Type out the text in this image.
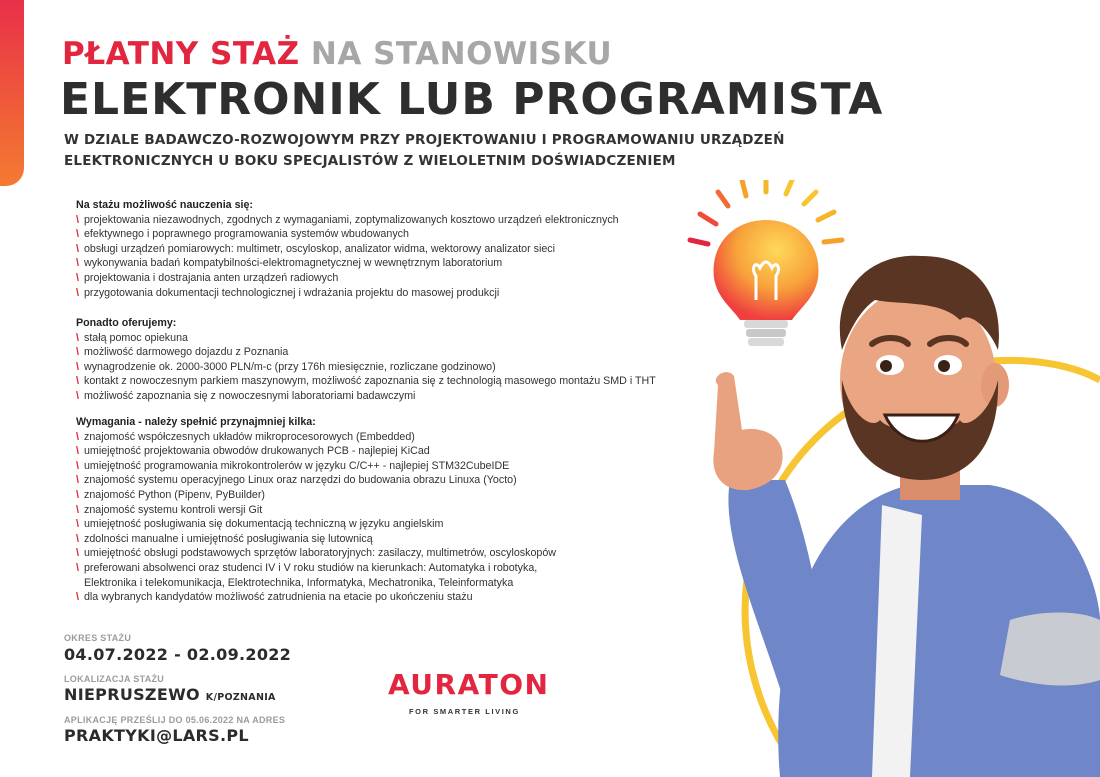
PŁATNY STAŻ NA STANOWISKU
ELEKTRONIK LUB PROGRAMISTA
W DZIALE BADAWCZO-ROZWOJOWYM PRZY PROJEKTOWANIU I PROGRAMOWANIU URZĄDZEŃ
ELEKTRONICZNYCH U BOKU SPECJALISTÓW Z WIELOLETNIM DOŚWIADCZENIEM
Na stażu możliwość nauczenia się:
\ projektowania niezawodnych, zgodnych z wymaganiami, zoptymalizowanych kosztowo urządzeń elektronicznych
\ efektywnego i poprawnego programowania systemów wbudowanych
\ obsługi urządzeń pomiarowych: multimetr, oscyloskop, analizator widma, wektorowy analizator sieci
\ wykonywania badań kompatybilności-elektromagnetycznej w wewnętrznym laboratorium
\ projektowania i dostrajania anten urządzeń radiowych
\ przygotowania dokumentacji technologicznej i wdrażania projektu do masowej produkcji
Ponadto oferujemy:
\ stałą pomoc opiekuna
\ możliwość darmowego dojazdu z Poznania
\ wynagrodzenie ok. 2000-3000 PLN/m-c (przy 176h miesięcznie, rozliczane godzinowo)
\ kontakt z nowoczesnym parkiem maszynowym, możliwość zapoznania się z technologią masowego montażu SMD i THT
\ możliwość zapoznania się z nowoczesnymi laboratoriami badawczymi
Wymagania - należy spełnić przynajmniej kilka:
\ znajomość współczesnych układów mikroprocesorowych (Embedded)
\ umiejętność projektowania obwodów drukowanych PCB - najlepiej KiCad
\ umiejętność programowania mikrokontrolerów w języku C/C++ - najlepiej STM32CubeIDE
\ znajomość systemu operacyjnego Linux oraz narzędzi do budowania obrazu Linuxa (Yocto)
\ znajomość Python (Pipenv, PyBuilder)
\ znajomość systemu kontroli wersji Git
\ umiejętność posługiwania się dokumentacją techniczną w języku angielskim
\ zdolności manualne i umiejętność posługiwania się lutownicą
\ umiejętność obsługi podstawowych sprzętów laboratoryjnych: zasilaczy, multimetrów, oscyloskopów
\ preferowani absolwenci oraz studenci IV i V roku studiów na kierunkach: Automatyka i robotyka,
Elektronika i telekomunikacja, Elektrotechnika, Informatyka, Mechatronika, Teleinformatyka
\ dla wybranych kandydatów możliwość zatrudnienia na etacie po ukończeniu stażu
OKRES STAŻU
04.07.2022 - 02.09.2022
LOKALIZACJA STAŻU
NIEPRUSZEWO K/POZNANIA
APLIKACJĘ PRZEŚLIJ DO 05.06.2022 NA ADRES
PRAKTYKI@LARS.PL
AURATON
FOR SMARTER LIVING
